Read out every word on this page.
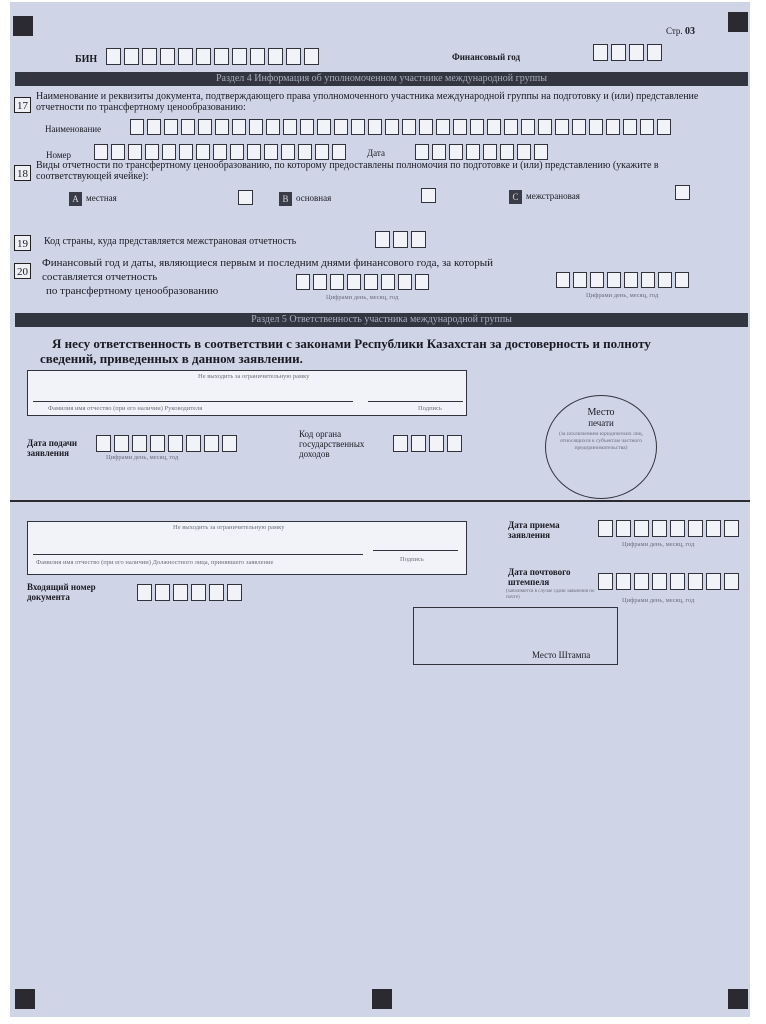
Стр. 03
БИН	Финансовый год
Раздел 4 Информация об уполномоченном участнике международной группы
17
Наименование и реквизиты документа, подтверждающего права уполномоченного участника международной группы на подготовку и (или) представление отчетности по трансфертному ценообразованию:
Наименование
Номер	Дата
18
Виды отчетности по трансфертному ценообразованию, по которому предоставлены полномочия по подготовке и (или) представлению (укажите в соответствующей ячейке):
A местная	B основная	C межстрановая
19	Код страны, куда представляется межстрановая отчетность
20
Финансовый год и даты, являющиеся первым и последним днями финансового года, за который
составляется отчетность
по трансфертному ценообразованию
Цифрами день, месяц, год	Цифрами день, месяц, год
Раздел 5 Ответственность участника международной группы
Я несу ответственность в соответствии с законами Республики Казахстан за достоверность и полноту
сведений, приведенных в данном заявлении.
Не выходить за ограничительную рамку
Фамилия имя отчество (при его наличии) Руководителя	Подпись
Дата подачи
заявления	Цифрами день, месяц, год
Код органа
государственных
доходов
Место
печати
(за исключением юридических лиц, относящихся к субъектам частного предпринимательства)
Не выходить за ограничительную рамку
Фамилия имя отчество (при его наличии) Должностного лица, принявшего заявление	Подпись
Дата приема
заявления
Цифрами день, месяц, год
Дата почтового
штемпеля
(заполняется в случае сдачи заявления по почте)	Цифрами день, месяц, год
Входящий номер
документа
Место Штампа
